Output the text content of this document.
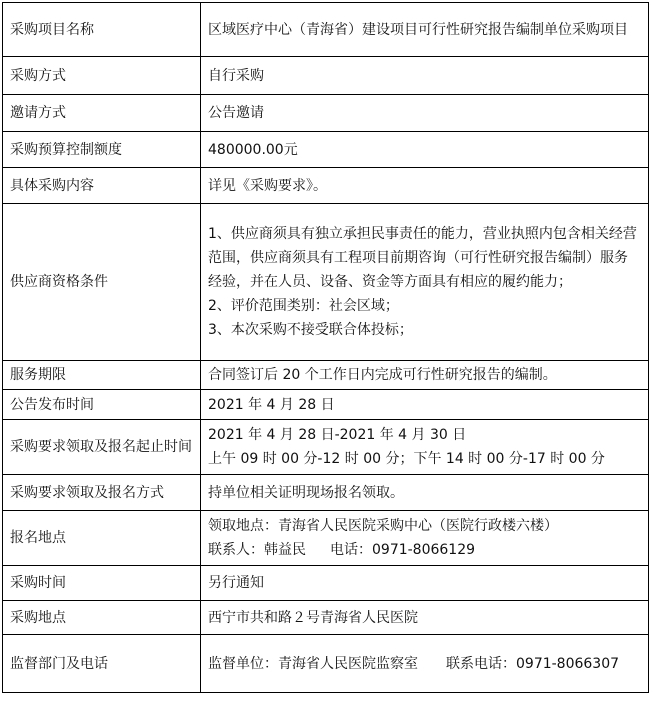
采购项目名称	区域医疗中心（青海省）建设项目可行性研究报告编制单位采购项目
采购方式	自行采购
邀请方式	公告邀请
采购预算控制额度	480000.00元
具体采购内容	详见《采购要求》。
供应商资格条件	1、供应商须具有独立承担民事责任的能力，营业执照内包含相关经营范围，供应商须具有工程项目前期咨询（可行性研究报告编制）服务经验，并在人员、设备、资金等方面具有相应的履约能力；
2、评价范围类别：社会区域；
3、本次采购不接受联合体投标；

服务期限	合同签订后 20 个工作日内完成可行性研究报告的编制。
公告发布时间	2021 年 4 月 28 日
采购要求领取及报名起止时间	2021 年 4 月 28 日-2021 年 4 月 30 日
上午 09 时 00 分-12 时 00 分；下午 14 时 00 分-17 时 00 分

采购要求领取及报名方式	持单位相关证明现场报名领取。
报名地点	领取地点：青海省人民医院采购中心（医院行政楼六楼）
联系人：韩益民 电话：0971-8066129

采购时间	另行通知
采购地点	西宁市共和路２号青海省人民医院
监督部门及电话	监督单位：青海省人民医院监察室 联系电话：0971-8066307
